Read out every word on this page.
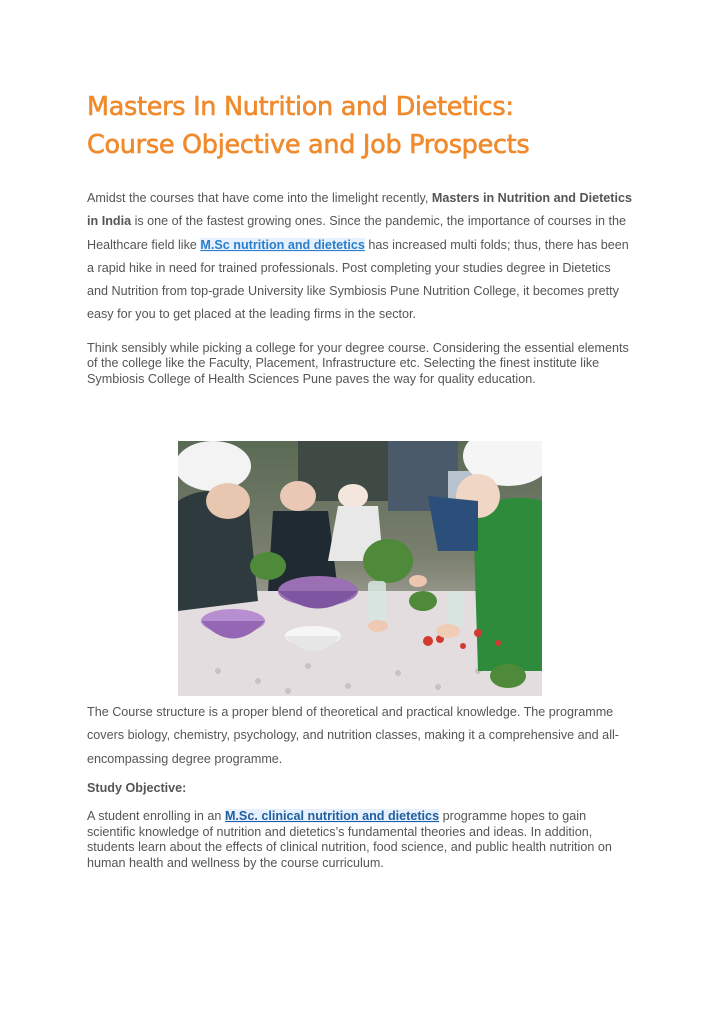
Masters In Nutrition and Dietetics:
Course Objective and Job Prospects

Amidst the courses that have come into the limelight recently, Masters in Nutrition and Dietetics in India is one of the fastest growing ones. Since the pandemic, the importance of courses in the Healthcare field like M.Sc nutrition and dietetics has increased multi folds; thus, there has been a rapid hike in need for trained professionals. Post completing your studies degree in Dietetics and Nutrition from top-grade University like Symbiosis Pune Nutrition College, it becomes pretty easy for you to get placed at the leading firms in the sector.

Think sensibly while picking a college for your degree course. Considering the essential elements of the college like the Faculty, Placement, Infrastructure etc. Selecting the finest institute like Symbiosis College of Health Sciences Pune paves the way for quality education.

The Course structure is a proper blend of theoretical and practical knowledge. The programme covers biology, chemistry, psychology, and nutrition classes, making it a comprehensive and all-encompassing degree programme.

Study Objective:

A student enrolling in an M.Sc. clinical nutrition and dietetics programme hopes to gain scientific knowledge of nutrition and dietetics’s fundamental theories and ideas. In addition, students learn about the effects of clinical nutrition, food science, and public health nutrition on human health and wellness by the course curriculum.
